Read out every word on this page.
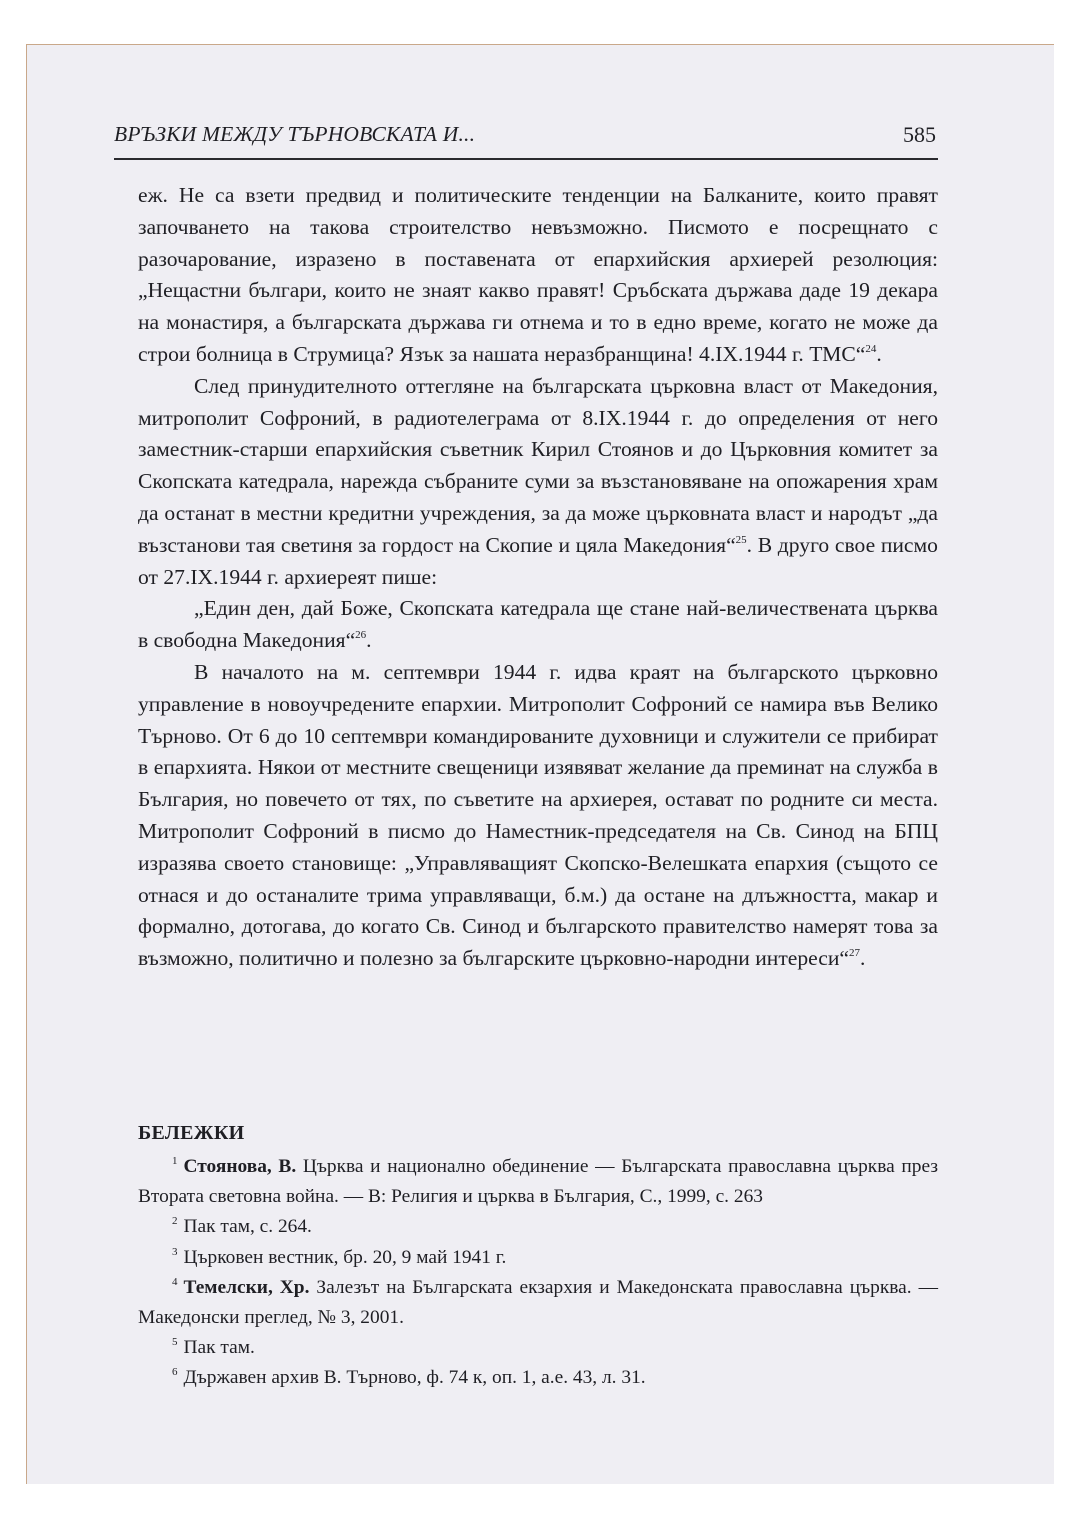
ВРЪЗКИ МЕЖДУ ТЪРНОВСКАТА И...	585

еж. Не са взети предвид и политическите тенденции на Балканите, които правят започването на такова строителство невъзможно. Писмото е посрещнато с разочарование, изразено в поставената от епархийския архиерей резолюция: „Нещастни българи, които не знаят какво правят! Сръбската държава даде 19 декара на монастиря, а българската държава ги отнема и то в едно време, когато не може да строи болница в Струмица? Язък за нашата неразбранщина! 4.IX.1944 г. ТМС“$^{24}$.

След принудителното оттегляне на българската църковна власт от Македония, митрополит Софроний, в радиотелеграма от 8.IX.1944 г. до определения от него заместник-старши епархийския съветник Кирил Стоянов и до Църковния комитет за Скопската катедрала, нарежда събраните суми за възстановяване на опожарения храм да останат в местни кредитни учреждения, за да може църковната власт и народът „да възстанови тая светиня за гордост на Скопие и цяла Македония“$^{25}$. В друго свое писмо от 27.IX.1944 г. архиереят пише:

„Един ден, дай Боже, Скопската катедрала ще стане най-величествената църква в свободна Македония“$^{26}$.

В началото на м. септември 1944 г. идва краят на българското църковно управление в новоучредените епархии. Митрополит Софроний се намира във Велико Търново. От 6 до 10 септември командированите духовници и служители се прибират в епархията. Някои от местните свещеници изявяват желание да преминат на служба в България, но повечето от тях, по съветите на архиерея, остават по родните си места. Митрополит Софроний в писмо до Наместник-председателя на Св. Синод на БПЦ изразява своето становище: „Управляващият Скопско-Велешката епархия (същото се отнася и до останалите трима управляващи, б.м.) да остане на длъжността, макар и формално, дотогава, до когато Св. Синод и българското правителство намерят това за възможно, политично и полезно за българските църковно-народни интереси“$^{27}$.

БЕЛЕЖКИ

$^1$ Стоянова, В. Църква и национално обединение — Българската православна църква през Втората световна война. — В: Религия и църква в България, С., 1999, с. 263

$^2$ Пак там, с. 264.

$^3$ Църковен вестник, бр. 20, 9 май 1941 г.

$^4$ Темелски, Хр. Залезът на Българската екзархия и Македонската православна църква. — Македонски преглед, № 3, 2001.

$^5$ Пак там.

$^6$ Държавен архив В. Търново, ф. 74 к, оп. 1, а.е. 43, л. 31.
